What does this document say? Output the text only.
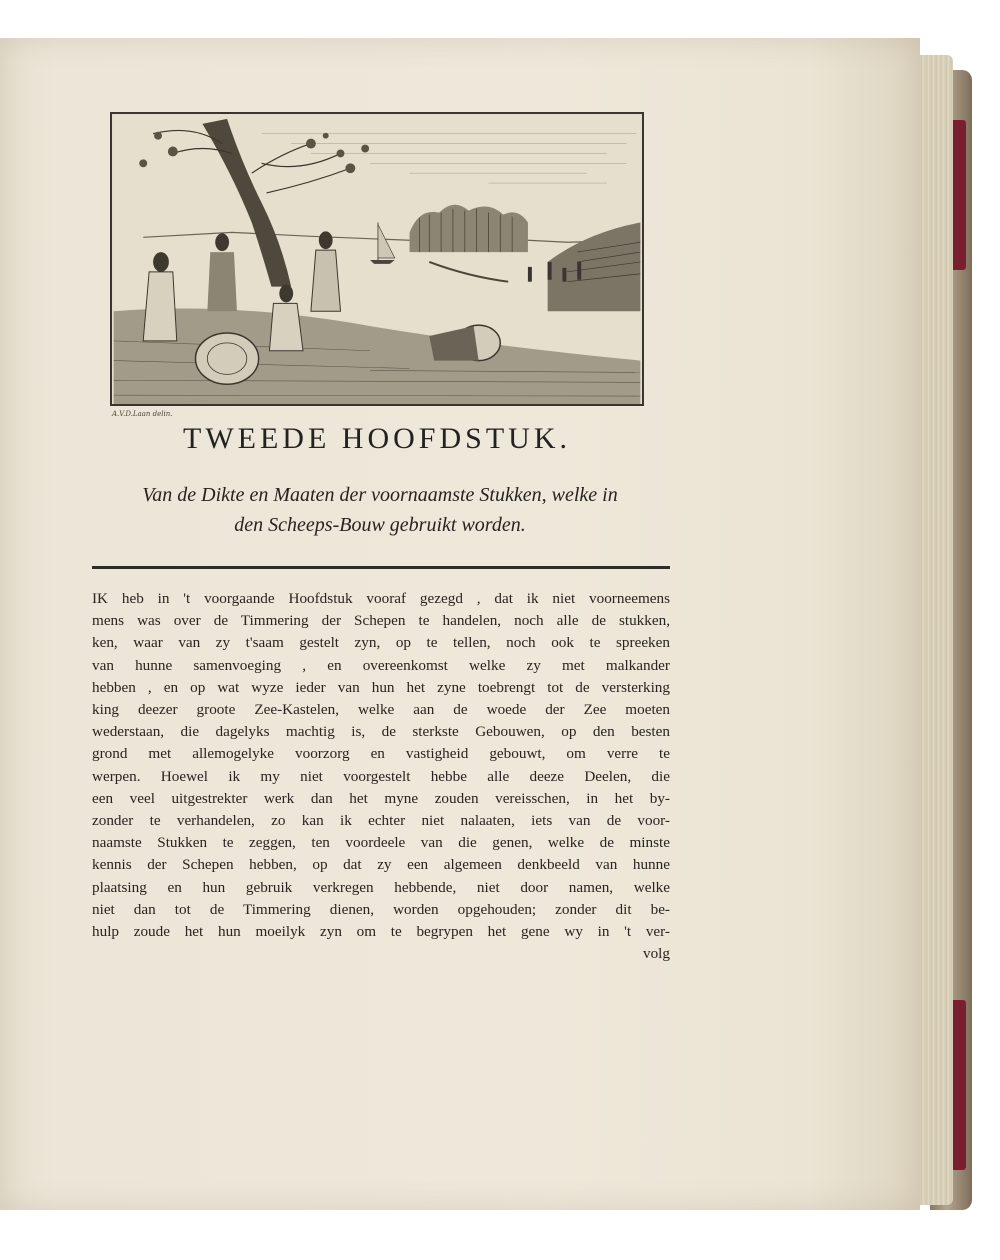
A.V.D.Laan delin.
TWEEDE HOOFDSTUK.
Van de Dikte en Maaten der voornaamste Stukken, welke in
den Scheeps-Bouw gebruikt worden.
IK heb in 't voorgaande Hoofdstuk vooraf gezegd , dat ik niet voorneemens
mens was over de Timmering der Schepen te handelen, noch alle de stukken,
ken, waar van zy t'saam gestelt zyn, op te tellen, noch ook te spreeken
van hunne samenvoeging , en overeenkomst welke zy met malkander
hebben , en op wat wyze ieder van hun het zyne toebrengt tot de versterking
king deezer groote Zee-Kastelen, welke aan de woede der Zee moeten
wederstaan, die dagelyks machtig is, de sterkste Gebouwen, op den besten
grond met allemogelyke voorzorg en vastigheid gebouwt, om verre te
werpen. Hoewel ik my niet voorgestelt hebbe alle deeze Deelen, die
een veel uitgestrekter werk dan het myne zouden vereisschen, in het by-
zonder te verhandelen, zo kan ik echter niet nalaaten, iets van de voor-
naamste Stukken te zeggen, ten voordeele van die genen, welke de minste
kennis der Schepen hebben, op dat zy een algemeen denkbeeld van hunne
plaatsing en hun gebruik verkregen hebbende, niet door namen, welke
niet dan tot de Timmering dienen, worden opgehouden; zonder dit be-
hulp zoude het hun moeilyk zyn om te begrypen het gene wy in 't ver-
volg
